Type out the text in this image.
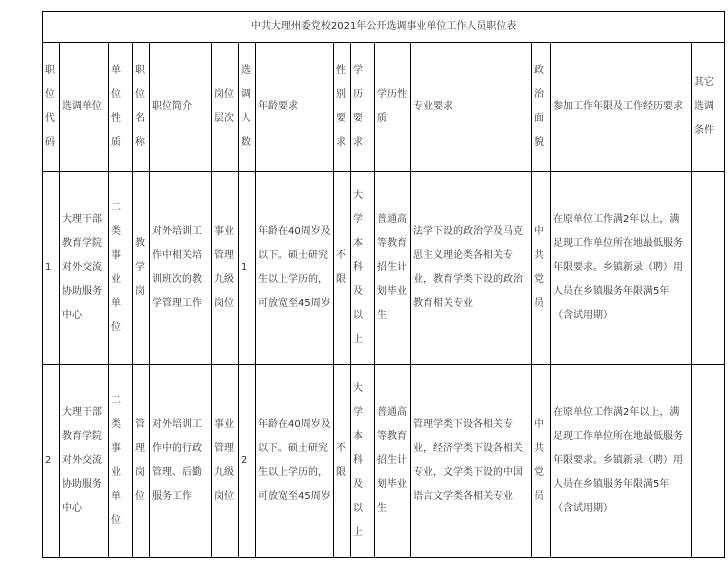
中共大理州委党校2021年公开选调事业单位工作人员职位表														
职位代码	选调单位	单位性质	职位名称	职位简介	岗位层次	选调人数	年龄要求	性别要求	学历要求	学历性质	专业要求	政治面貌	参加工作年限及工作经历要求	其它选调条件
1	大理干部教育学院对外交流协助服务中心	二类事业单位	教学岗	对外培训工作中相关培训班次的教学管理工作	事业管理九级岗位	1	年龄在40周岁及以下。硕士研究生以上学历的，可放宽至45周岁	不限	大学本科及以上	普通高等教育招生计划毕业生	法学下设的政治学及马克思主义理论类各相关专业，教育学类下设的政治教育相关专业	中共党员	在原单位工作满2年以上，满足现工作单位所在地最低服务年限要求。乡镇新录（聘）用人员在乡镇服务年限满5年（含试用期）	
2	大理干部教育学院对外交流协助服务中心	二类事业单位	管理岗位	对外培训工作中的行政管理、后勤服务工作	事业管理九级岗位	2	年龄在40周岁及以下。硕士研究生以上学历的，可放宽至45周岁	不限	大学本科及以上	普通高等教育招生计划毕业生	管理学类下设各相关专业，经济学类下设各相关专业，文学类下设的中国语言文学类各相关专业	中共党员	在原单位工作满2年以上，满足现工作单位所在地最低服务年限要求。乡镇新录（聘）用人员在乡镇服务年限满5年（含试用期）	
